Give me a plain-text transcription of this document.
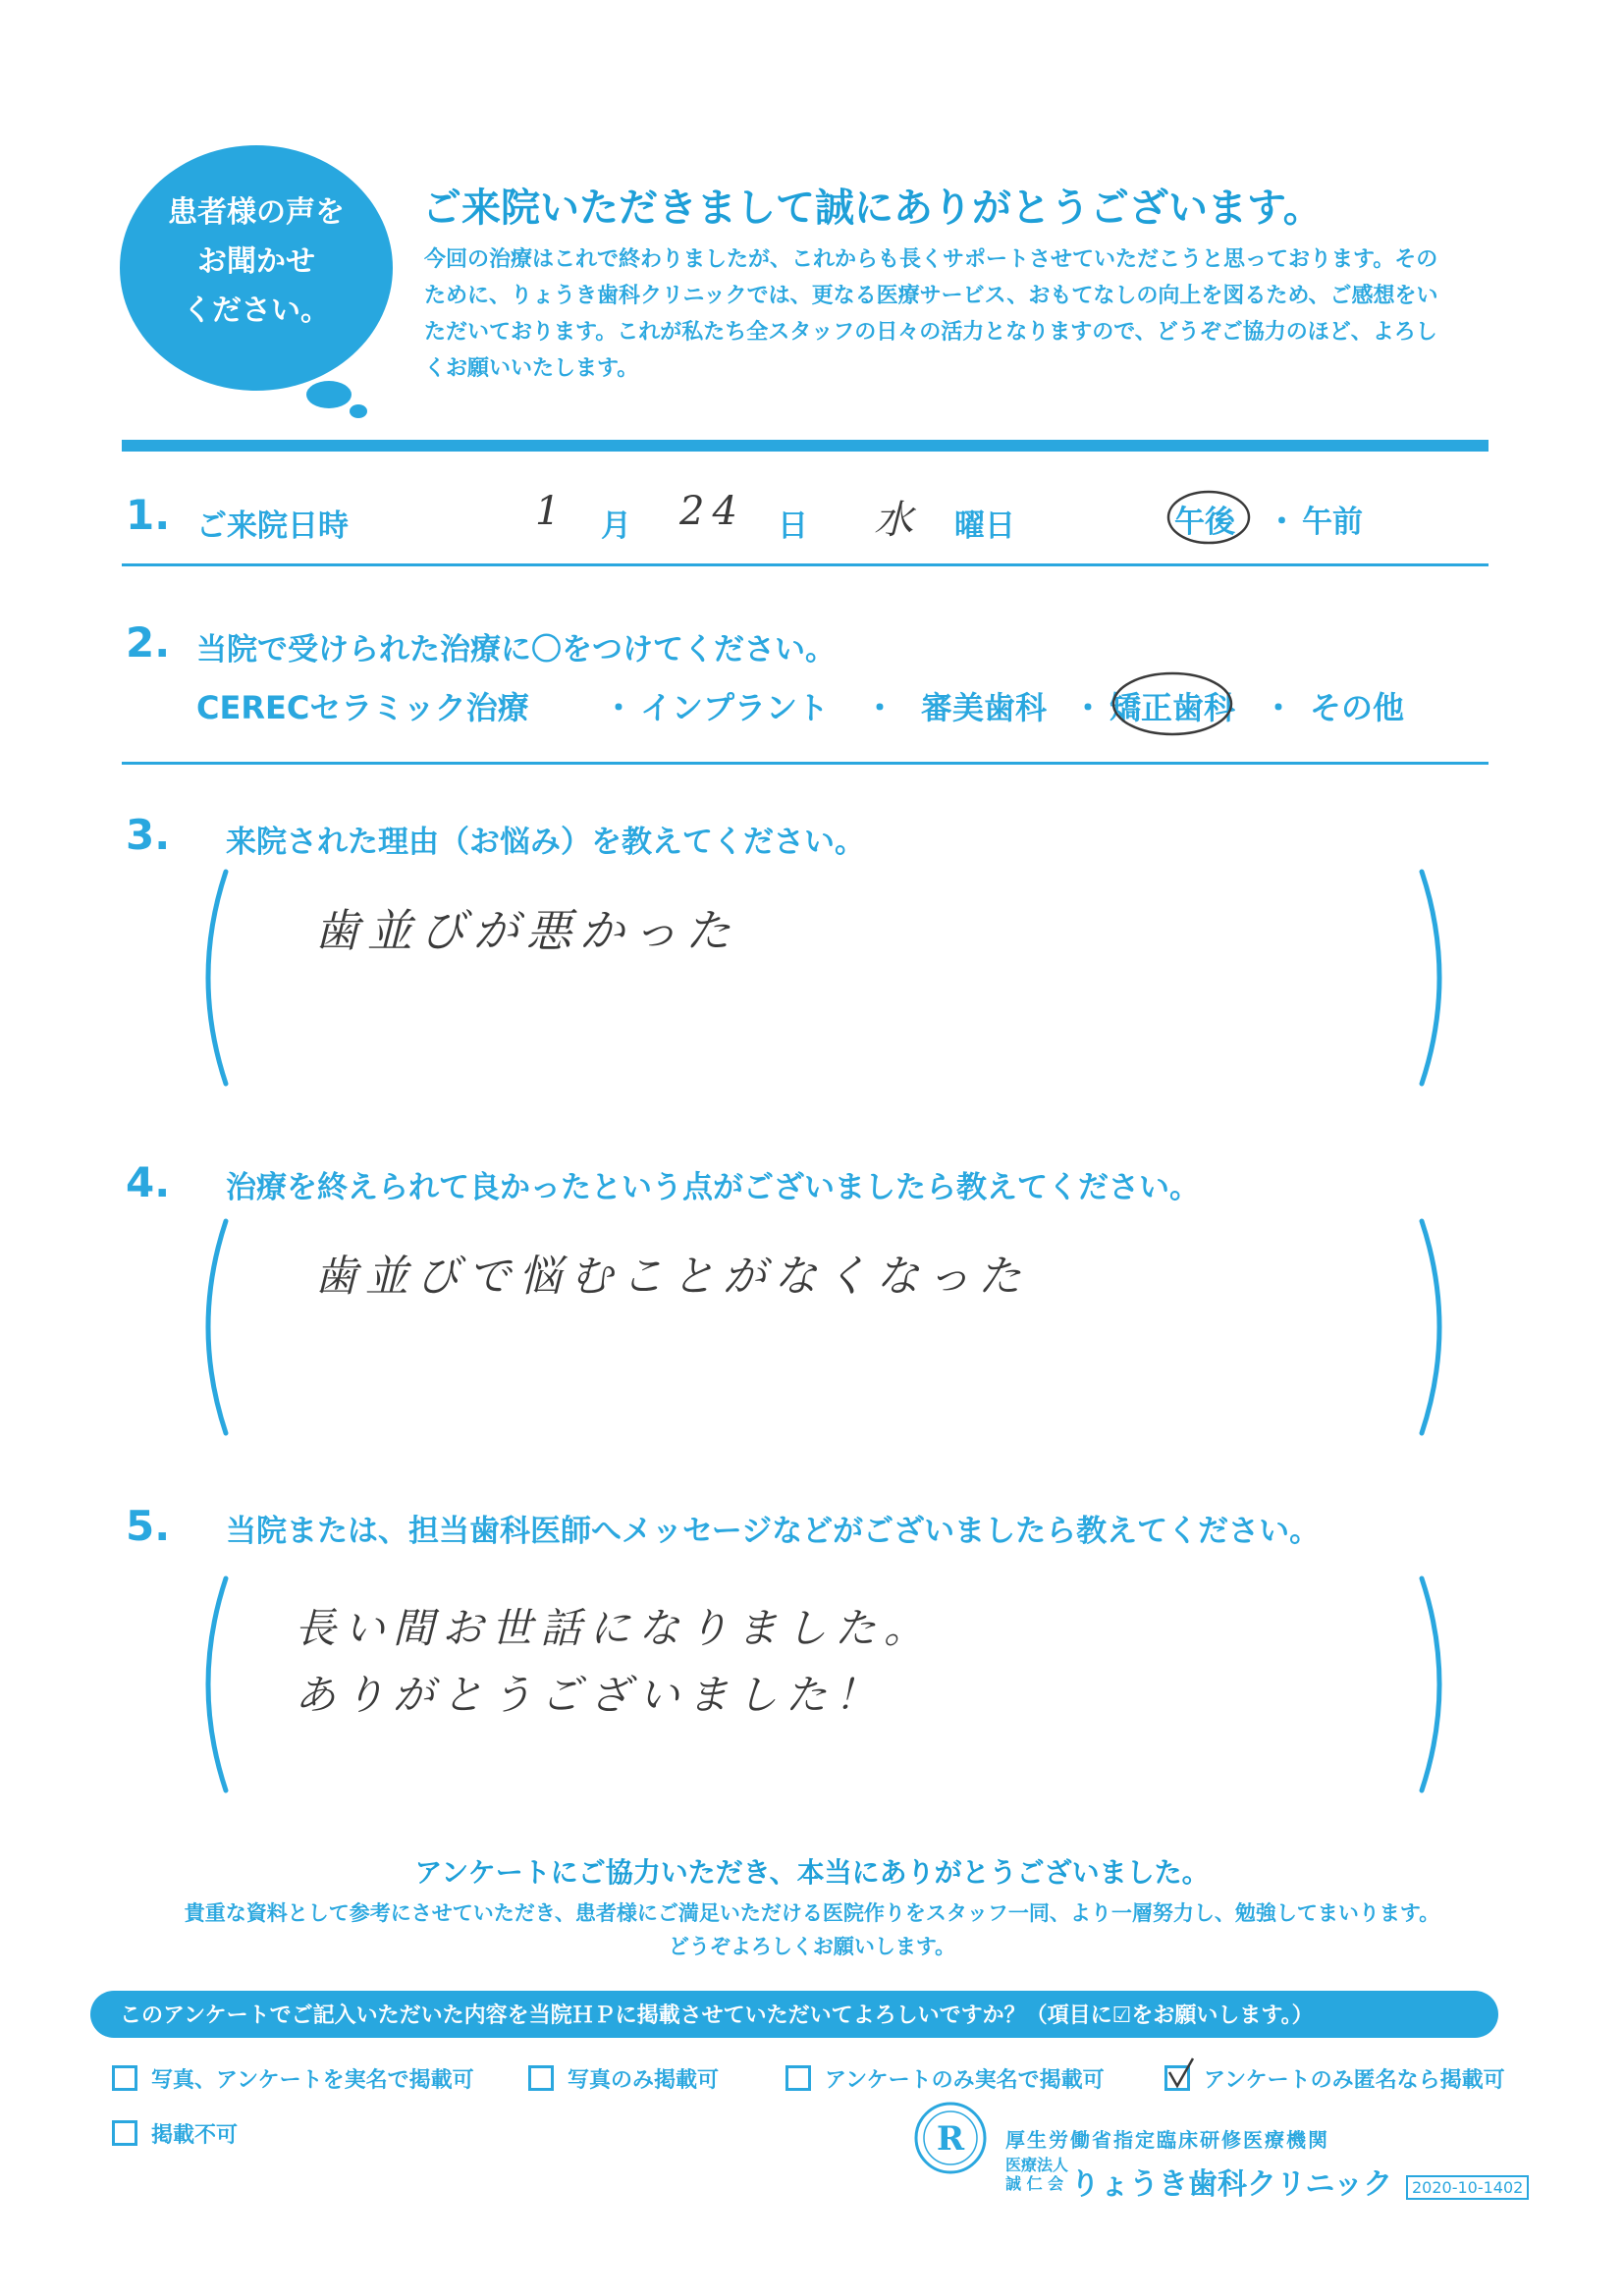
患者様の声を
お聞かせ
ください。
ご来院いただきまして誠にありがとうございます。
今回の治療はこれで終わりましたが、これからも長くサポートさせていただこうと思っております。そのために、りょうき歯科クリニックでは、更なる医療サービス、おもてなしの向上を図るため、ご感想をいただいております。これが私たち全スタッフの日々の活力となりますので、どうぞご協力のほど、よろしくお願いいたします。
1. ご来院日時	1 月 24 日 水 曜日	午後 ・ 午前
2. 当院で受けられた治療に〇をつけてください。
CERECセラミック治療 ・ インプラント ・ 審美歯科 ・ 矯正歯科 ・ その他
3. 来院された理由（お悩み）を教えてください。
歯並びが悪かった
4. 治療を終えられて良かったという点がございましたら教えてください。
歯並びで悩むことがなくなった
5. 当院または、担当歯科医師へメッセージなどがございましたら教えてください。
長い間お世話になりました。
ありがとうございました！
アンケートにご協力いただき、本当にありがとうございました。
貴重な資料として参考にさせていただき、患者様にご満足いただける医院作りをスタッフ一同、より一層努力し、勉強してまいります。
どうぞよろしくお願いします。
このアンケートでご記入いただいた内容を当院ＨＰに掲載させていただいてよろしいですか？（項目に☑をお願いします。）
写真、アンケートを実名で掲載可	写真のみ掲載可	アンケートのみ実名で掲載可	アンケートのみ匿名なら掲載可
掲載不可	R 厚生労働省指定臨床研修医療機関
医療法人
誠 仁 会 りょうき歯科クリニック	2020-10-1402
